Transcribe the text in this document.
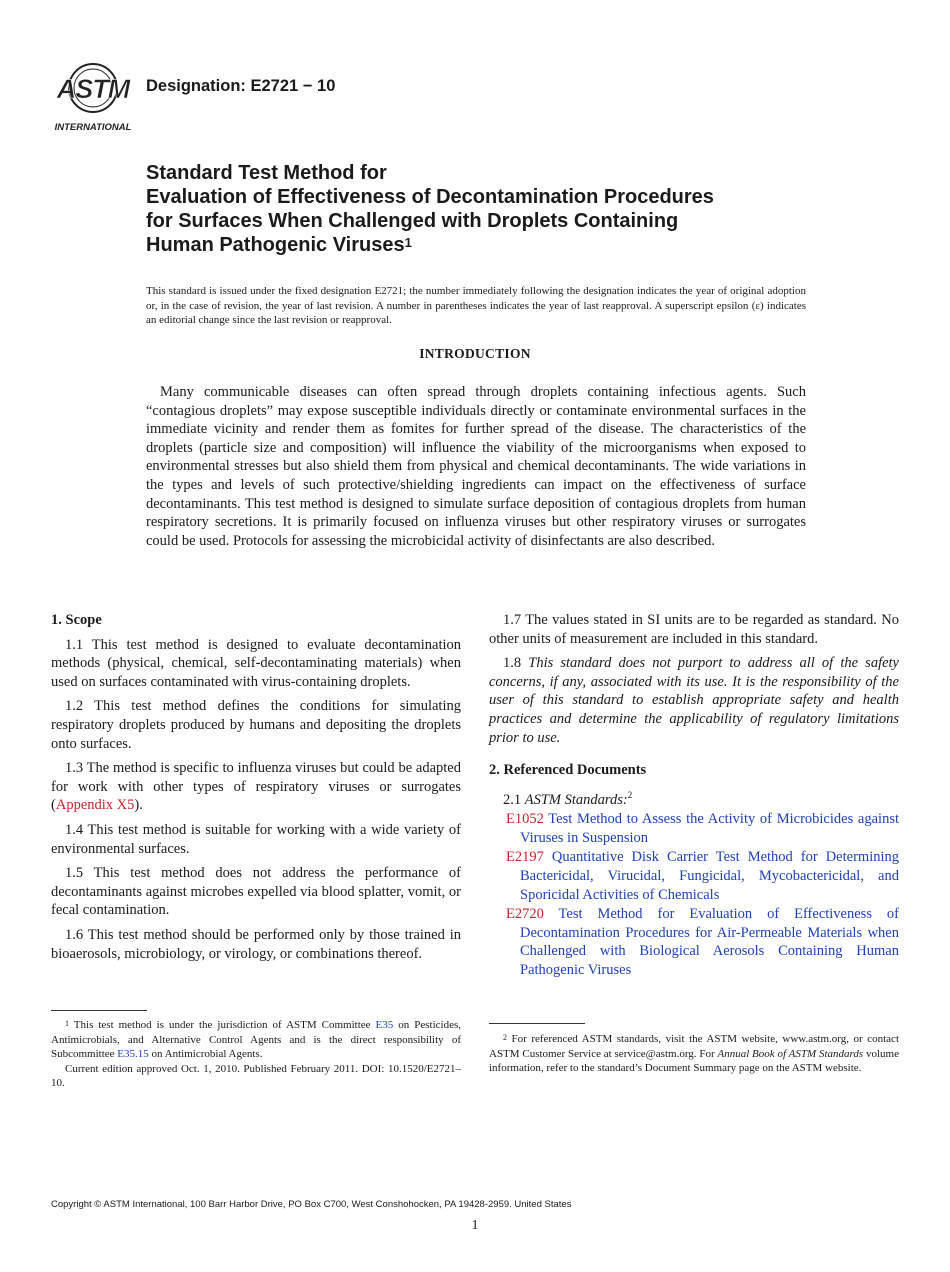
ASTM
INTERNATIONAL
Designation: E2721 − 10
Standard Test Method for
Evaluation of Effectiveness of Decontamination Procedures
for Surfaces When Challenged with Droplets Containing
Human Pathogenic Viruses$^1$
This standard is issued under the fixed designation E2721; the number immediately following the designation indicates the year of original adoption or, in the case of revision, the year of last revision. A number in parentheses indicates the year of last reapproval. A superscript epsilon (ε) indicates an editorial change since the last revision or reapproval.
INTRODUCTION
Many communicable diseases can often spread through droplets containing infectious agents. Such “contagious droplets” may expose susceptible individuals directly or contaminate environmental surfaces in the immediate vicinity and render them as fomites for further spread of the disease. The characteristics of the droplets (particle size and composition) will influence the viability of the microorganisms when exposed to environmental stresses but also shield them from physical and chemical decontaminants. The wide variations in the types and levels of such protective/shielding ingredients can impact on the effectiveness of surface decontaminants. This test method is designed to simulate surface deposition of contagious droplets from human respiratory secretions. It is primarily focused on influenza viruses but other respiratory viruses or surrogates could be used. Protocols for assessing the microbicidal activity of disinfectants are also described.
1. Scope

1.1 This test method is designed to evaluate decontamination methods (physical, chemical, self-decontaminating materials) when used on surfaces contaminated with virus-containing droplets.

1.2 This test method defines the conditions for simulating respiratory droplets produced by humans and depositing the droplets onto surfaces.

1.3 The method is specific to influenza viruses but could be adapted for work with other types of respiratory viruses or surrogates (Appendix X5).

1.4 This test method is suitable for working with a wide variety of environmental surfaces.

1.5 This test method does not address the performance of decontaminants against microbes expelled via blood splatter, vomit, or fecal contamination.

1.6 This test method should be performed only by those trained in bioaerosols, microbiology, or virology, or combinations thereof.

1.7 The values stated in SI units are to be regarded as standard. No other units of measurement are included in this standard.

1.8 This standard does not purport to address all of the safety concerns, if any, associated with its use. It is the responsibility of the user of this standard to establish appropriate safety and health practices and determine the applicability of regulatory limitations prior to use.

2. Referenced Documents
2.1 ASTM Standards:$^2$
E1052 Test Method to Assess the Activity of Microbicides against Viruses in Suspension
E2197 Quantitative Disk Carrier Test Method for Determining Bactericidal, Virucidal, Fungicidal, Mycobactericidal, and Sporicidal Activities of Chemicals
E2720 Test Method for Evaluation of Effectiveness of Decontamination Procedures for Air-Permeable Materials when Challenged with Biological Aerosols Containing Human Pathogenic Viruses

$^1$ This test method is under the jurisdiction of ASTM Committee E35 on Pesticides, Antimicrobials, and Alternative Control Agents and is the direct responsibility of Subcommittee E35.15 on Antimicrobial Agents.

Current edition approved Oct. 1, 2010. Published February 2011. DOI: 10.1520/E2721–10.

$^2$ For referenced ASTM standards, visit the ASTM website, www.astm.org, or contact ASTM Customer Service at service@astm.org. For Annual Book of ASTM Standards volume information, refer to the standard’s Document Summary page on the ASTM website.

Copyright © ASTM International, 100 Barr Harbor Drive, PO Box C700, West Conshohocken, PA 19428-2959. United States
1
